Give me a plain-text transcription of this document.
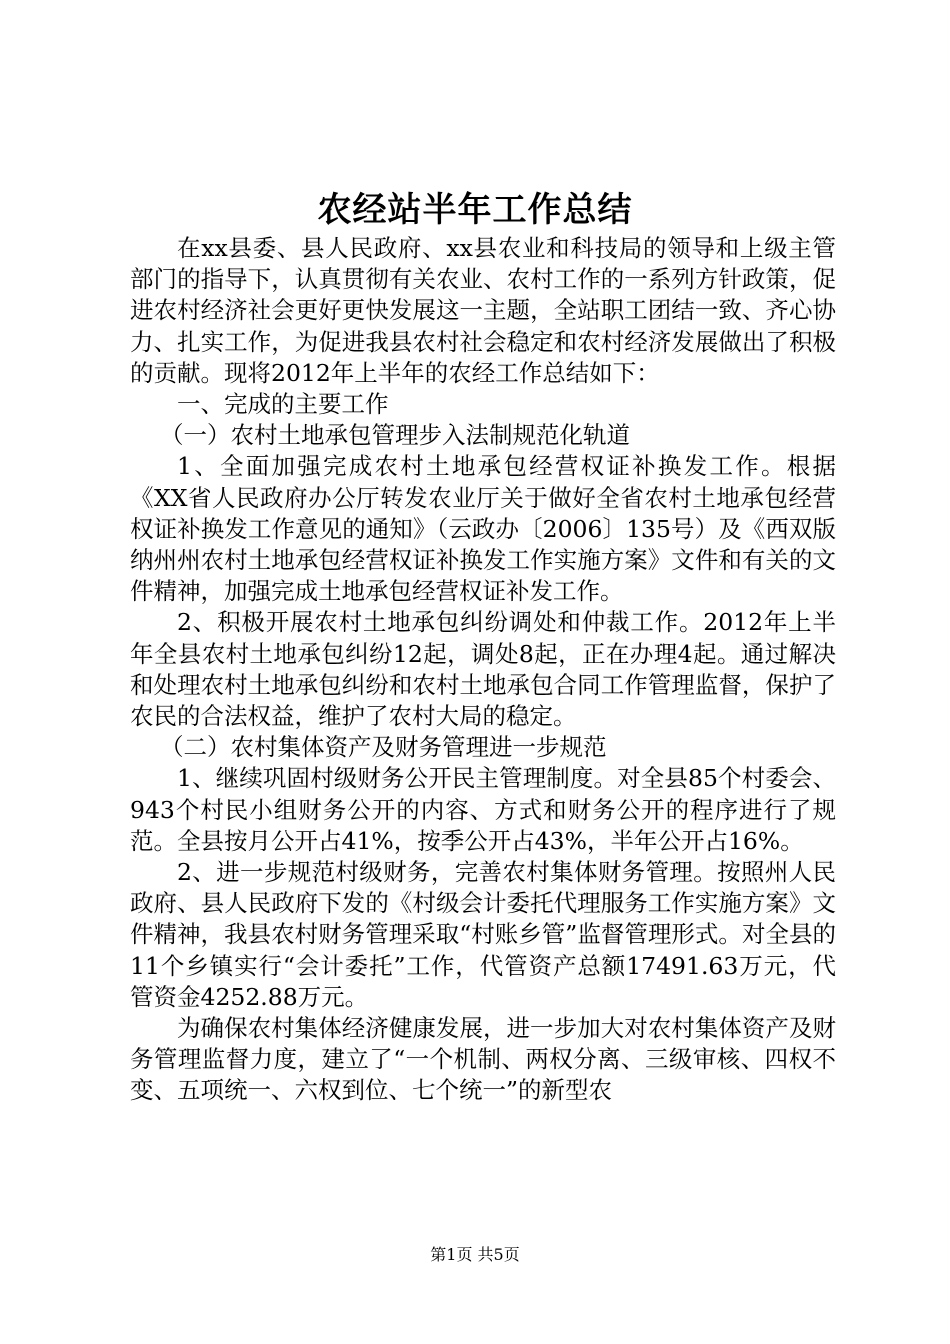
农经站半年工作总结

在xx县委、县人民政府、xx县农业和科技局的领导和上级主管部门的指导下，认真贯彻有关农业、农村工作的一系列方针政策，促进农村经济社会更好更快发展这一主题，全站职工团结一致、齐心协力、扎实工作，为促进我县农村社会稳定和农村经济发展做出了积极的贡献。现将2012年上半年的农经工作总结如下：

一、完成的主要工作

（一）农村土地承包管理步入法制规范化轨道

1、全面加强完成农村土地承包经营权证补换发工作。根据《XX省人民政府办公厅转发农业厅关于做好全省农村土地承包经营权证补换发工作意见的通知》（云政办〔2006〕135号）及《西双版纳州州农村土地承包经营权证补换发工作实施方案》文件和有关的文件精神，加强完成土地承包经营权证补发工作。

2、积极开展农村土地承包纠纷调处和仲裁工作。2012年上半年全县农村土地承包纠纷12起，调处8起，正在办理4起。通过解决和处理农村土地承包纠纷和农村土地承包合同工作管理监督，保护了农民的合法权益，维护了农村大局的稳定。

（二）农村集体资产及财务管理进一步规范

1、继续巩固村级财务公开民主管理制度。对全县85个村委会、943个村民小组财务公开的内容、方式和财务公开的程序进行了规范。全县按月公开占41%，按季公开占43%，半年公开占16%。

2、进一步规范村级财务，完善农村集体财务管理。按照州人民政府、县人民政府下发的《村级会计委托代理服务工作实施方案》文件精神，我县农村财务管理采取“村账乡管”监督管理形式。对全县的11个乡镇实行“会计委托”工作，代管资产总额17491.63万元，代管资金4252.88万元。

为确保农村集体经济健康发展，进一步加大对农村集体资产及财务管理监督力度，建立了“一个机制、两权分离、三级审核、四权不变、五项统一、六权到位、七个统一”的新型农

第1页 共5页
